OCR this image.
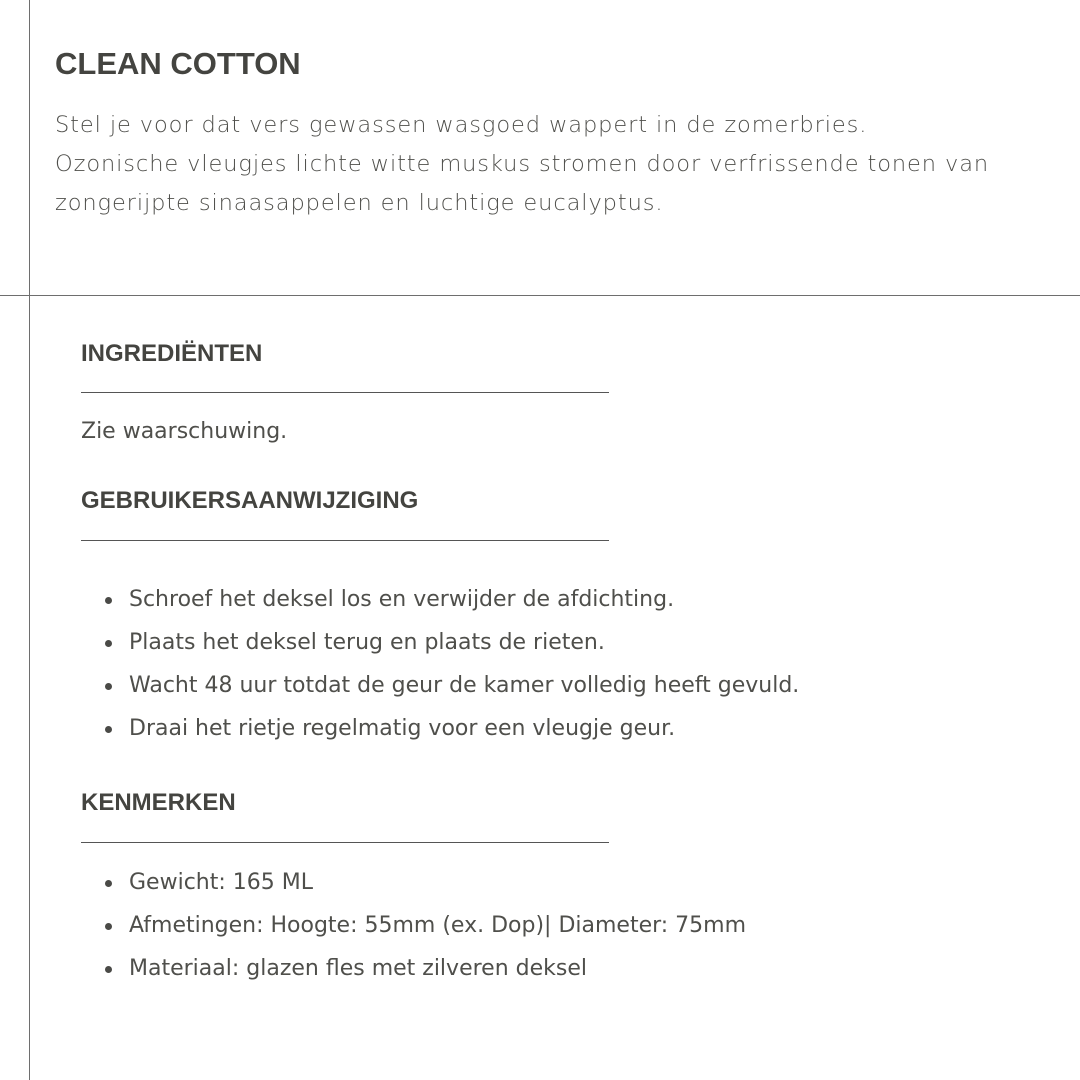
CLEAN COTTON

Stel je voor dat vers gewassen wasgoed wappert in de zomerbries.
Ozonische vleugjes lichte witte muskus stromen door verfrissende tonen van
zongerijpte sinaasappelen en luchtige eucalyptus.

INGREDIËNTEN
Zie waarschuwing.
GEBRUIKERSAANWIJZIGING
Schroef het deksel los en verwijder de afdichting.
Plaats het deksel terug en plaats de rieten.
Wacht 48 uur totdat de geur de kamer volledig heeft gevuld.
Draai het rietje regelmatig voor een vleugje geur.
KENMERKEN
Gewicht: 165 ML
Afmetingen: Hoogte: 55mm (ex. Dop)| Diameter: 75mm
Materiaal: glazen fles met zilveren deksel
